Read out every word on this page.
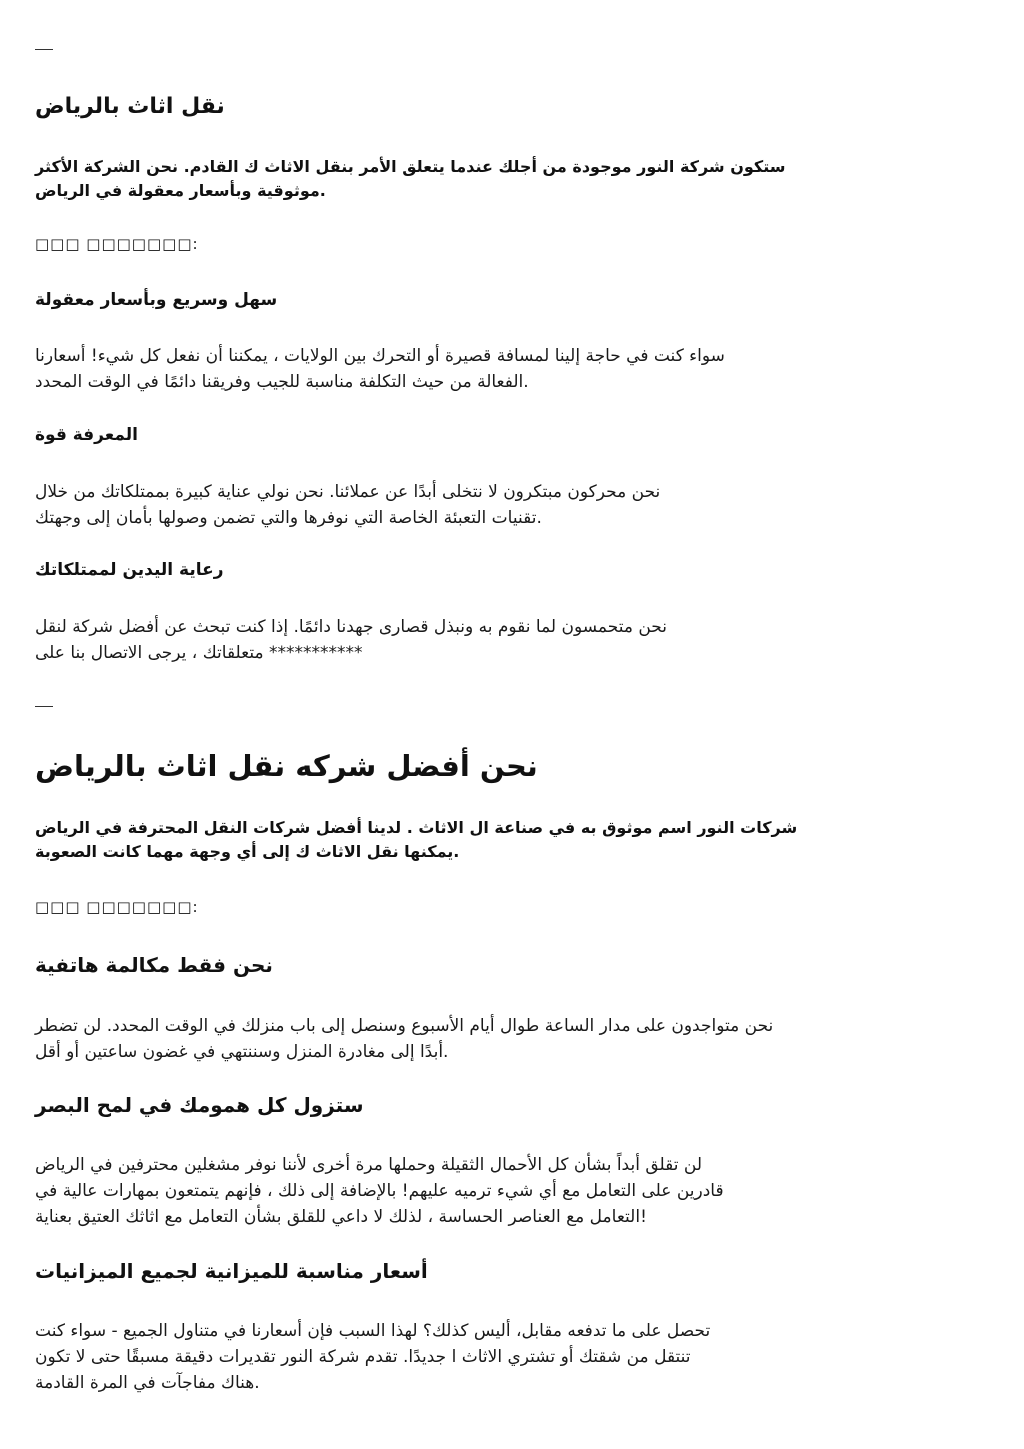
نقل اثاث بالرياض

ستكون شركة النور موجودة من أجلك عندما يتعلق الأمر بنقل الاثاث ك القادم. نحن الشركة الأكثر
موثوقية وبأسعار معقولة في الرياض.

□□□ □□□□□□□:

سهل وسريع وبأسعار معقولة

سواء كنت في حاجة إلينا لمسافة قصيرة أو التحرك بين الولايات ، يمكننا أن نفعل كل شيء! أسعارنا
الفعالة من حيث التكلفة مناسبة للجيب وفريقنا دائمًا في الوقت المحدد.

المعرفة قوة

نحن محركون مبتكرون لا نتخلى أبدًا عن عملائنا. نحن نولي عناية كبيرة بممتلكاتك من خلال
تقنيات التعبئة الخاصة التي نوفرها والتي تضمن وصولها بأمان إلى وجهتك.

رعاية اليدين لممتلكاتك

نحن متحمسون لما نقوم به ونبذل قصارى جهدنا دائمًا. إذا كنت تبحث عن أفضل شركة لنقل
متعلقاتك ، يرجى الاتصال بنا على ***********

نحن أفضل شركه نقل اثاث بالرياض

شركات النور اسم موثوق به في صناعة ال الاثاث . لدينا أفضل شركات النقل المحترفة في الرياض
يمكنها نقل الاثاث ك إلى أي وجهة مهما كانت الصعوبة.

□□□ □□□□□□□:

نحن فقط مكالمة هاتفية

نحن متواجدون على مدار الساعة طوال أيام الأسبوع وسنصل إلى باب منزلك في الوقت المحدد. لن تضطر
أبدًا إلى مغادرة المنزل وسننتهي في غضون ساعتين أو أقل.

ستزول كل همومك في لمح البصر

لن تقلق أبداً بشأن كل الأحمال الثقيلة وحملها مرة أخرى لأننا نوفر مشغلين محترفين في الرياض
قادرين على التعامل مع أي شيء ترميه عليهم! بالإضافة إلى ذلك ، فإنهم يتمتعون بمهارات عالية في
التعامل مع العناصر الحساسة ، لذلك لا داعي للقلق بشأن التعامل مع اثاثك العتيق بعناية!

أسعار مناسبة للميزانية لجميع الميزانيات

تحصل على ما تدفعه مقابل، أليس كذلك؟ لهذا السبب فإن أسعارنا في متناول الجميع - سواء كنت
تنتقل من شقتك أو تشتري الاثاث ا جديدًا. تقدم شركة النور تقديرات دقيقة مسبقًا حتى لا تكون
هناك مفاجآت في المرة القادمة.
